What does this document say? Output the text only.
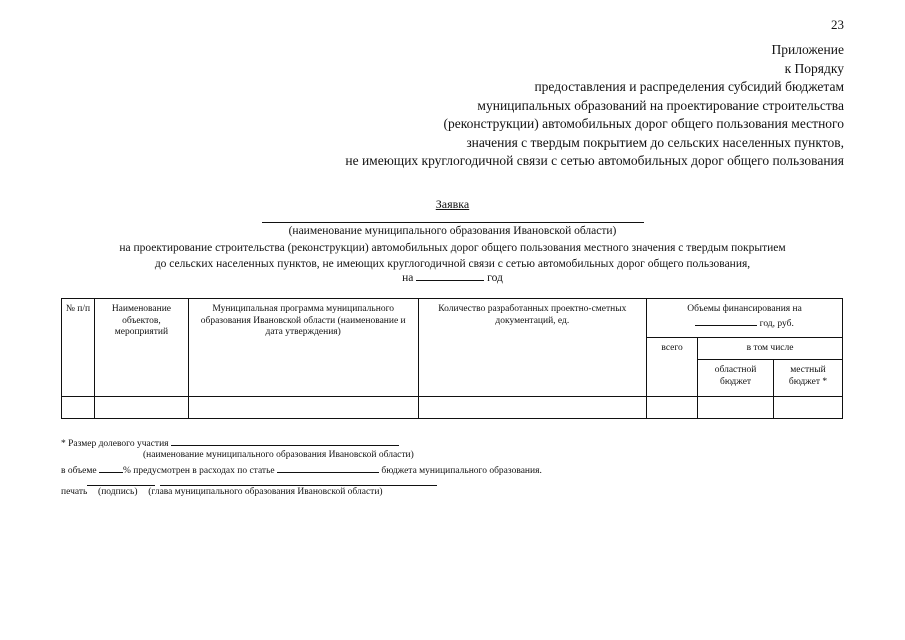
23
Приложение
к Порядку
предоставления и распределения субсидий бюджетам
муниципальных образований на проектирование строительства
(реконструкции) автомобильных дорог общего пользования местного
значения с твердым покрытием до сельских населенных пунктов,
не имеющих круглогодичной связи с сетью автомобильных дорог общего пользования
Заявка
(наименование муниципального образования Ивановской области)
на проектирование строительства (реконструкции) автомобильных дорог общего пользования местного значения с твердым покрытием
до сельских населенных пунктов, не имеющих круглогодичной связи с сетью автомобильных дорог общего пользования,
на	год
№ п/п	Наименование объектов, мероприятий	Муниципальная программа муниципального образования Ивановской области (наименование и дата утверждения)	Количество разработанных проектно-сметных документаций, ед.	Объемы финансирования на
год, руб.		

				всего	в том числе	
					областной бюджет	местный бюджет *

* Размер долевого участия
(наименование муниципального образования Ивановской области)
в объеме	% предусмотрен в расходах по статье	бюджета муниципального образования.
печать (подпись) (глава муниципального образования Ивановской области)
